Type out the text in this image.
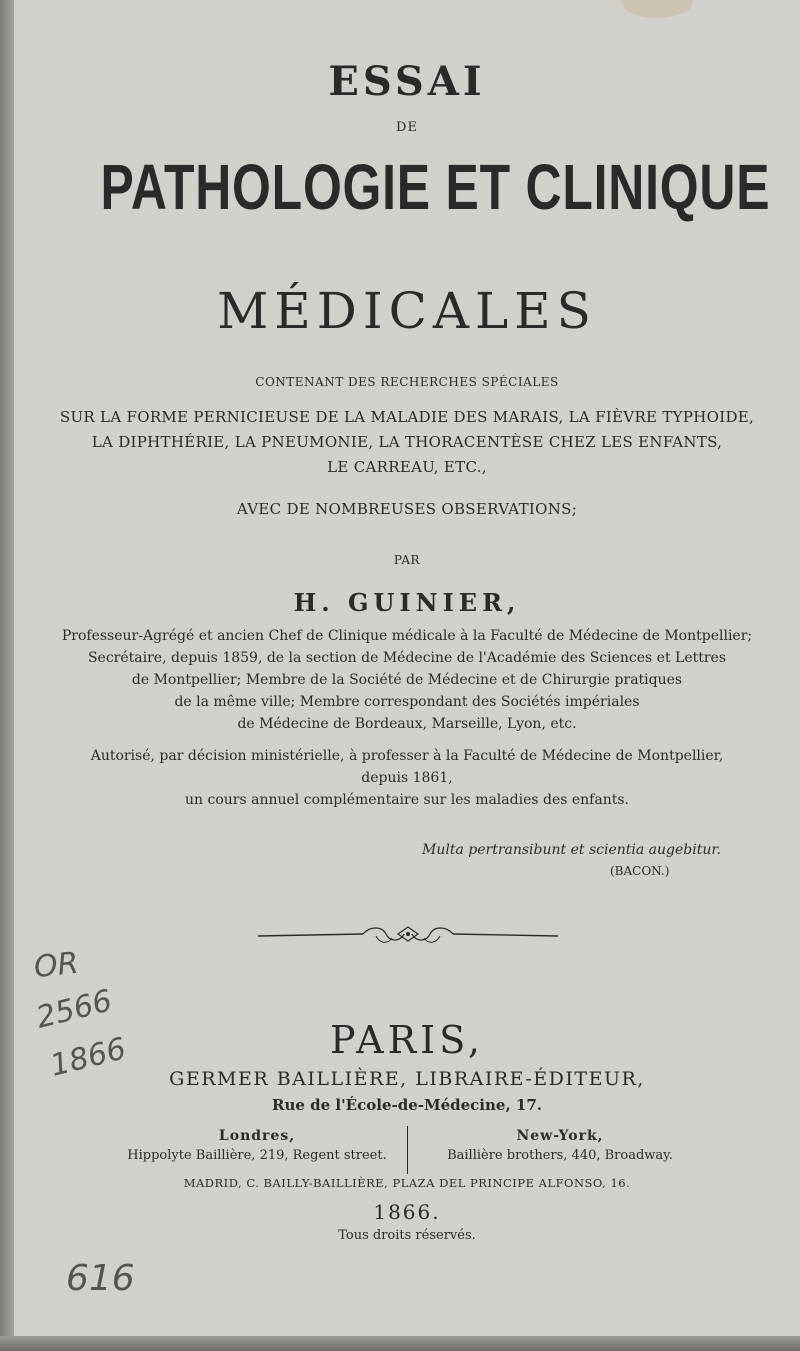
ESSAI
DE
PATHOLOGIE ET CLINIQUE
MÉDICALES
CONTENANT DES RECHERCHES SPÉCIALES
SUR LA FORME PERNICIEUSE DE LA MALADIE DES MARAIS, LA FIÈVRE TYPHOIDE,
LA DIPHTHÉRIE, LA PNEUMONIE, LA THORACENTÈSE CHEZ LES ENFANTS,
LE CARREAU, ETC.,
AVEC DE NOMBREUSES OBSERVATIONS;
PAR
H. GUINIER,
Professeur-Agrégé et ancien Chef de Clinique médicale à la Faculté de Médecine de Montpellier;
Secrétaire, depuis 1859, de la section de Médecine de l'Académie des Sciences et Lettres
de Montpellier; Membre de la Société de Médecine et de Chirurgie pratiques
de la même ville; Membre correspondant des Sociétés impériales
de Médecine de Bordeaux, Marseille, Lyon, etc.
Autorisé, par décision ministérielle, à professer à la Faculté de Médecine de Montpellier,
depuis 1861,
un cours annuel complémentaire sur les maladies des enfants.
Multa pertransibunt et scientia augebitur.
(BACON.)
PARIS,
GERMER BAILLIÈRE, LIBRAIRE-ÉDITEUR,
Rue de l'École-de-Médecine, 17.
Londres,
Hippolyte Baillière, 219, Regent street.
New-York,
Baillière brothers, 440, Broadway.
MADRID, C. BAILLY-BAILLIÈRE, PLAZA DEL PRINCIPE ALFONSO, 16.
1866.
Tous droits réservés.
OR
2566
1866
616
